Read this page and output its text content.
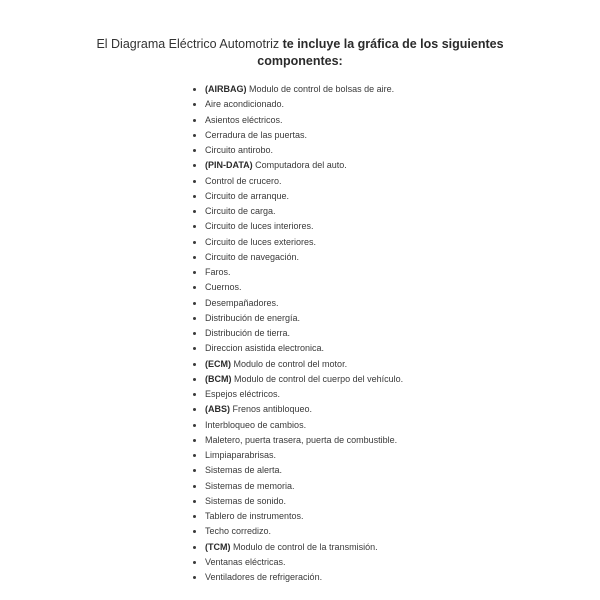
El Diagrama Eléctrico Automotriz te incluye la gráfica de los siguientes componentes:
(AIRBAG) Modulo de control de bolsas de aire.
Aire acondicionado.
Asientos eléctricos.
Cerradura de las puertas.
Circuito antirobo.
(PIN-DATA) Computadora del auto.
Control de crucero.
Circuito de arranque.
Circuito de carga.
Circuito de luces interiores.
Circuito de luces exteriores.
Circuito de navegación.
Faros.
Cuernos.
Desempañadores.
Distribución de energía.
Distribución de tierra.
Direccion asistida electronica.
(ECM) Modulo de control del motor.
(BCM) Modulo de control del cuerpo del vehículo.
Espejos eléctricos.
(ABS) Frenos antibloqueo.
Interbloqueo de cambios.
Maletero, puerta trasera, puerta de combustible.
Limpiaparabrisas.
Sistemas de alerta.
Sistemas de memoria.
Sistemas de sonido.
Tablero de instrumentos.
Techo corredizo.
(TCM) Modulo de control de la transmisión.
Ventanas eléctricas.
Ventiladores de refrigeración.
